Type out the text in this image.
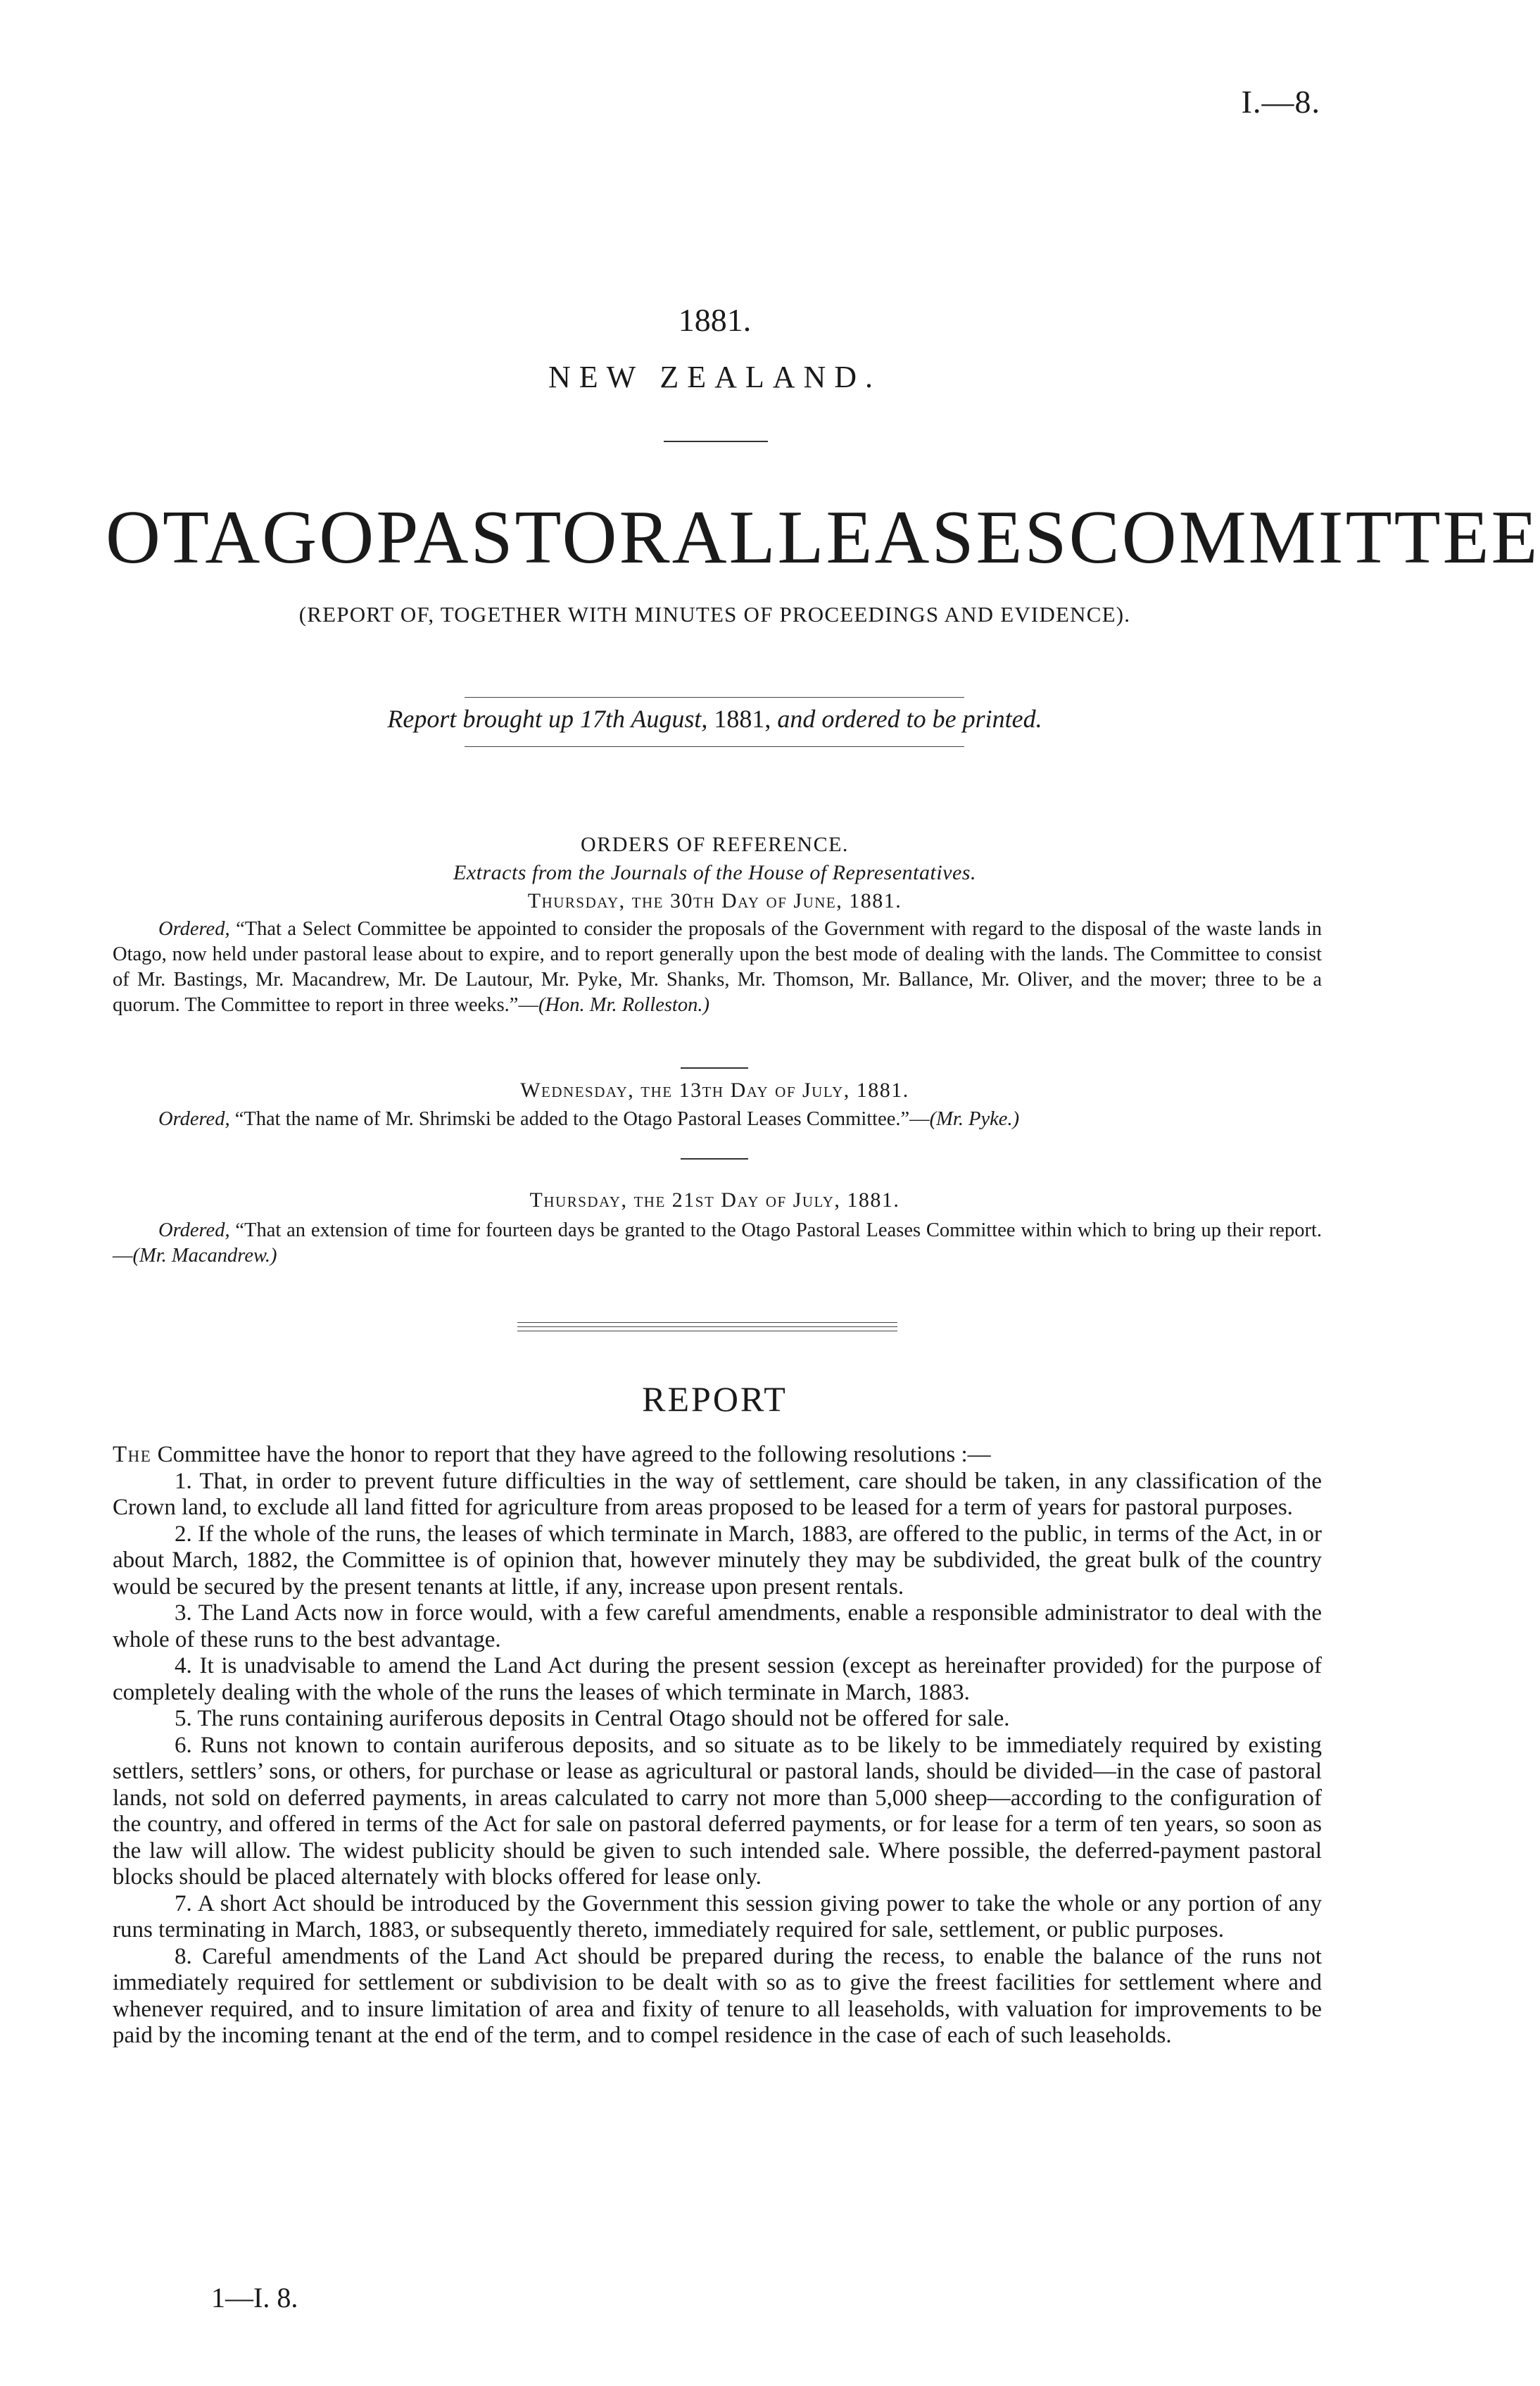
I.—8.
1881.
NEW ZEALAND.
OTAGO PASTORAL LEASES COMMITTEE
(REPORT OF, TOGETHER WITH MINUTES OF PROCEEDINGS AND EVIDENCE).
Report brought up 17th August, 1881, and ordered to be printed.
ORDERS OF REFERENCE.
Extracts from the Journals of the House of Representatives.
Thursday, the 30th Day of June, 1881.
Ordered, “That a Select Committee be appointed to consider the proposals of the Government with regard to the disposal of the waste lands in Otago, now held under pastoral lease about to expire, and to report generally upon the best mode of dealing with the lands. The Committee to consist of Mr. Bastings, Mr. Macandrew, Mr. De Lautour, Mr. Pyke, Mr. Shanks, Mr. Thomson, Mr. Ballance, Mr. Oliver, and the mover; three to be a quorum. The Committee to report in three weeks.”—(Hon. Mr. Rolleston.)
Wednesday, the 13th Day of July, 1881.
Ordered, “That the name of Mr. Shrimski be added to the Otago Pastoral Leases Committee.”—(Mr. Pyke.)
Thursday, the 21st Day of July, 1881.
Ordered, “That an extension of time for fourteen days be granted to the Otago Pastoral Leases Committee within which to bring up their report.—(Mr. Macandrew.)
REPORT

The Committee have the honor to report that they have agreed to the following resolutions :—

1. That, in order to prevent future difficulties in the way of settlement, care should be taken, in any classification of the Crown land, to exclude all land fitted for agriculture from areas proposed to be leased for a term of years for pastoral purposes.

2. If the whole of the runs, the leases of which terminate in March, 1883, are offered to the public, in terms of the Act, in or about March, 1882, the Committee is of opinion that, however minutely they may be subdivided, the great bulk of the country would be secured by the present tenants at little, if any, increase upon present rentals.

3. The Land Acts now in force would, with a few careful amendments, enable a responsible administrator to deal with the whole of these runs to the best advantage.

4. It is unadvisable to amend the Land Act during the present session (except as hereinafter provided) for the purpose of completely dealing with the whole of the runs the leases of which terminate in March, 1883.

5. The runs containing auriferous deposits in Central Otago should not be offered for sale.

6. Runs not known to contain auriferous deposits, and so situate as to be likely to be immediately required by existing settlers, settlers’ sons, or others, for purchase or lease as agricultural or pastoral lands, should be divided—in the case of pastoral lands, not sold on deferred payments, in areas calculated to carry not more than 5,000 sheep—according to the configuration of the country, and offered in terms of the Act for sale on pastoral deferred payments, or for lease for a term of ten years, so soon as the law will allow. The widest publicity should be given to such intended sale. Where possible, the deferred-payment pastoral blocks should be placed alternately with blocks offered for lease only.

7. A short Act should be introduced by the Government this session giving power to take the whole or any portion of any runs terminating in March, 1883, or subsequently thereto, immediately required for sale, settlement, or public purposes.

8. Careful amendments of the Land Act should be prepared during the recess, to enable the balance of the runs not immediately required for settlement or subdivision to be dealt with so as to give the freest facilities for settlement where and whenever required, and to insure limitation of area and fixity of tenure to all leaseholds, with valuation for improvements to be paid by the incoming tenant at the end of the term, and to compel residence in the case of each of such leaseholds.

1—I. 8.
